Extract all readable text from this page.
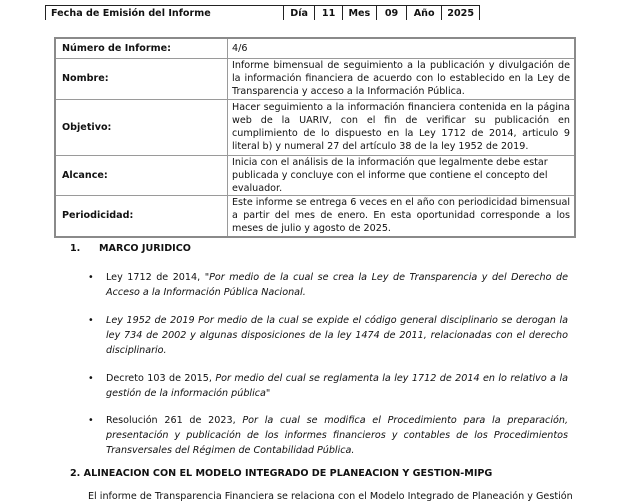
Fecha de Emisión del Informe	Día	11	Mes	09	Año	2025
Número de Informe:	4/6
Nombre:	Informe bimensual de seguimiento a la publicación y divulgación de la información financiera de acuerdo con lo establecido en la Ley de Transparencia y acceso a la Información Pública.
Objetivo:	Hacer seguimiento a la información financiera contenida en la página web de la UARIV, con el fin de verificar su publicación en cumplimiento de lo dispuesto en la Ley 1712 de 2014, articulo 9 literal b) y numeral 27 del artículo 38 de la ley 1952 de 2019.
Alcance:	Inicia con el análisis de la información que legalmente debe estar publicada y concluye con el informe que contiene el concepto del evaluador.
Periodicidad:	Este informe se entrega 6 veces en el año con periodicidad bimensual a partir del mes de enero. En esta oportunidad corresponde a los meses de julio y agosto de 2025.
1. MARCO JURIDICO

• Ley 1712 de 2014, "Por medio de la cual se crea la Ley de Transparencia y del Derecho de Acceso a la Información Pública Nacional.

• Ley 1952 de 2019 Por medio de la cual se expide el código general disciplinario se derogan la ley 734 de 2002 y algunas disposiciones de la ley 1474 de 2011, relacionadas con el derecho disciplinario.

• Decreto 103 de 2015, Por medio del cual se reglamenta la ley 1712 de 2014 en lo relativo a la gestión de la información pública"

• Resolución 261 de 2023, Por la cual se modifica el Procedimiento para la preparación, presentación y publicación de los informes financieros y contables de los Procedimientos Transversales del Régimen de Contabilidad Pública.

2. ALINEACION CON EL MODELO INTEGRADO DE PLANEACION Y GESTION-MIPG
El informe de Transparencia Financiera se relaciona con el Modelo Integrado de Planeación y Gestión
